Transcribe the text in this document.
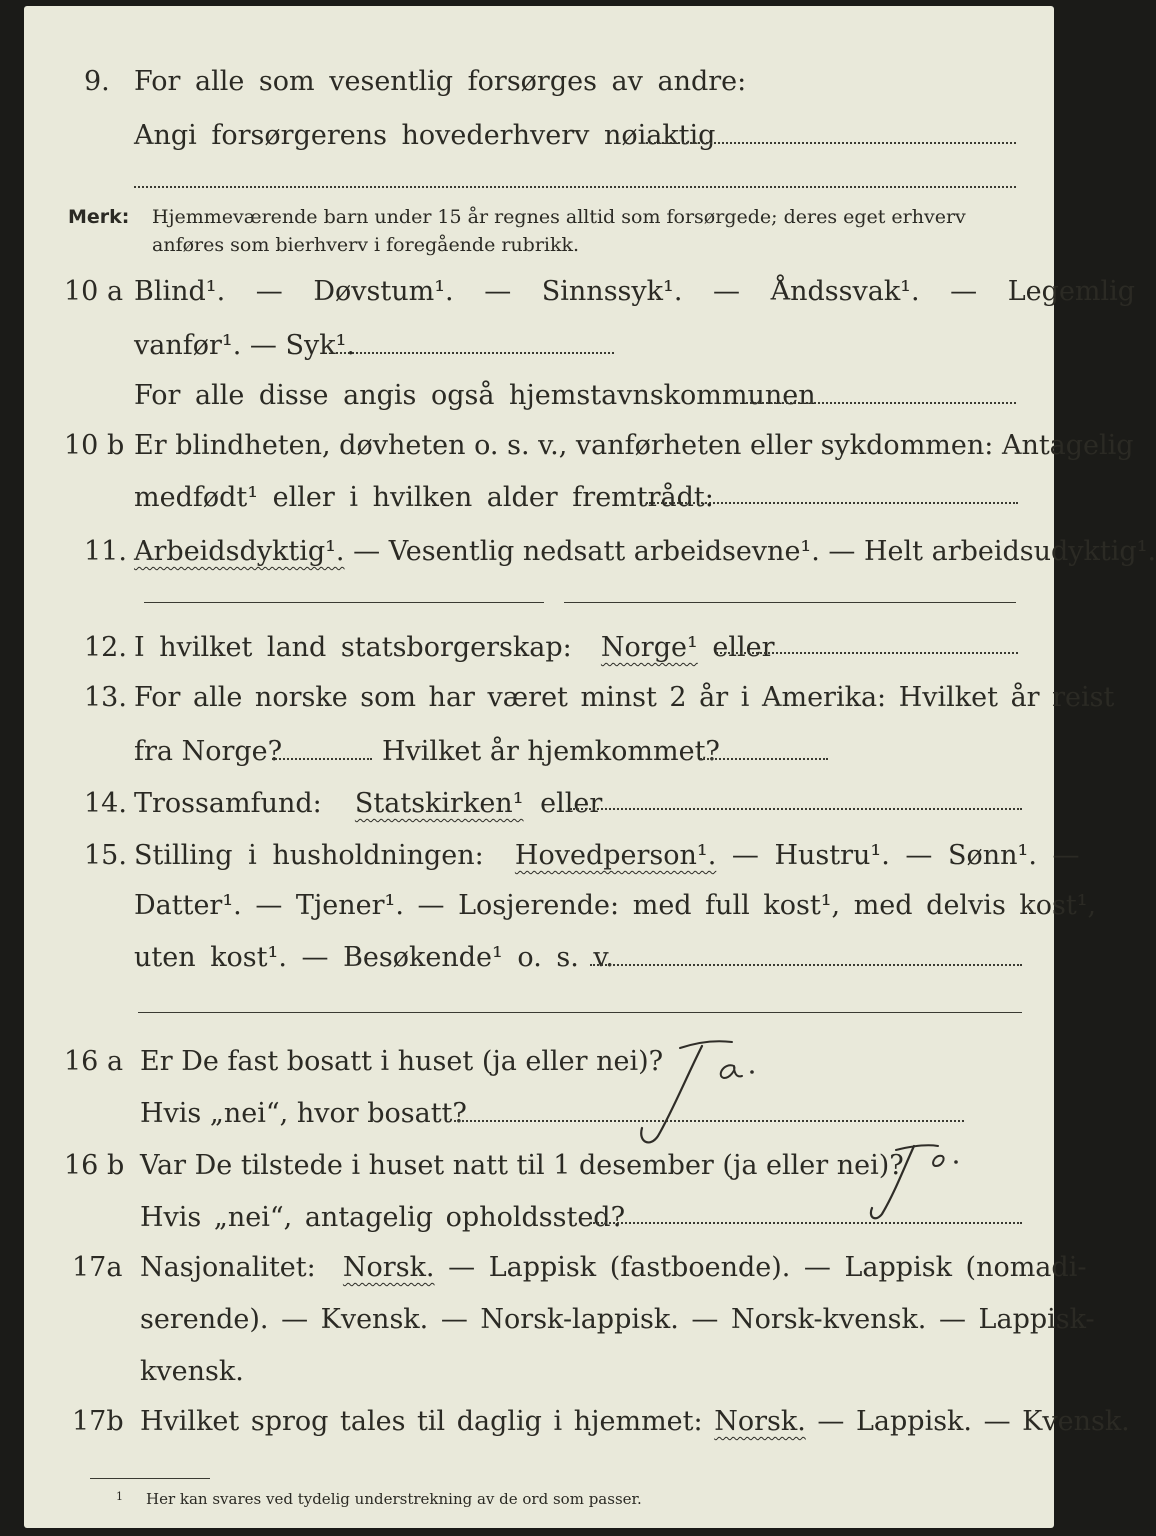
9. For alle som vesentlig forsørges av andre:
Angi forsørgerens hovederhverv nøiaktig
Merk: Hjemmeværende barn under 15 år regnes alltid som forsørgede; deres eget erhverv
anføres som bierhverv i foregående rubrikk.
10 a Blind¹. — Døvstum¹. — Sinnssyk¹. — Åndssvak¹. — Legemlig
vanfør¹. — Syk¹.
For alle disse angis også hjemstavnskommunen
10 b Er blindheten, døvheten o. s. v., vanførheten eller sykdommen: Antagelig
medfødt¹ eller i hvilken alder fremtrådt:
11. Arbeidsdyktig¹. — Vesentlig nedsatt arbeidsevne¹. — Helt arbeidsudyktig¹.
12. I hvilket land statsborgerskap: Norge¹ eller
13. For alle norske som har været minst 2 år i Amerika: Hvilket år reist
fra Norge?	Hvilket år hjemkommet?
14. Trossamfund: Statskirken¹ eller
15. Stilling i husholdningen: Hovedperson¹. — Hustru¹. — Sønn¹. —
Datter¹. — Tjener¹. — Losjerende: med full kost¹, med delvis kost¹,
uten kost¹. — Besøkende¹ o. s. v.
16 a Er De fast bosatt i huset (ja eller nei)?
Hvis „nei“, hvor bosatt?
16 b Var De tilstede i huset natt til 1 desember (ja eller nei)?
Hvis „nei“, antagelig opholdssted?
17a Nasjonalitet: Norsk. — Lappisk (fastboende). — Lappisk (nomadi-
serende). — Kvensk. — Norsk-lappisk. — Norsk-kvensk. — Lappisk-
kvensk.
17b Hvilket sprog tales til daglig i hjemmet: Norsk. — Lappisk. — Kvensk.
1 Her kan svares ved tydelig understrekning av de ord som passer.
